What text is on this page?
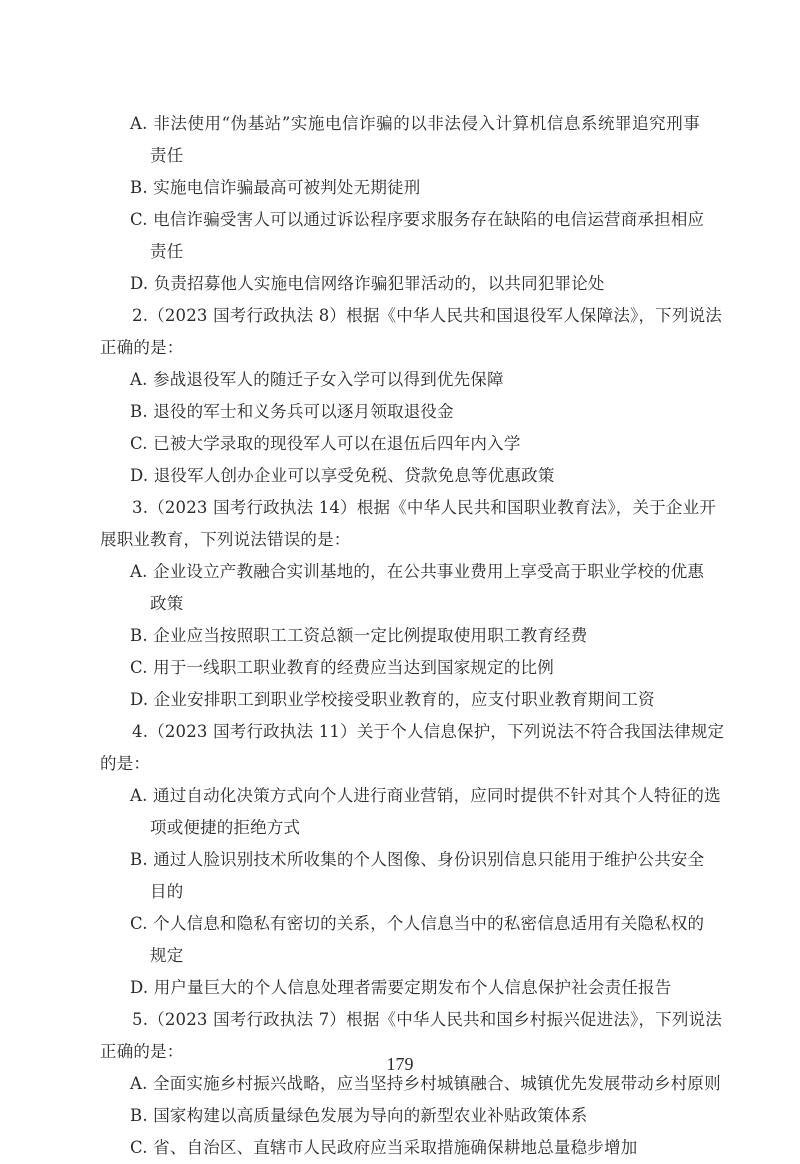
A. 非法使用“伪基站”实施电信诈骗的以非法侵入计算机信息系统罪追究刑事
责任
B. 实施电信诈骗最高可被判处无期徒刑
C. 电信诈骗受害人可以通过诉讼程序要求服务存在缺陷的电信运营商承担相应
责任
D. 负责招募他人实施电信网络诈骗犯罪活动的，以共同犯罪论处
2.（2023 国考行政执法 8）根据《中华人民共和国退役军人保障法》，下列说法
正确的是：
A. 参战退役军人的随迁子女入学可以得到优先保障
B. 退役的军士和义务兵可以逐月领取退役金
C. 已被大学录取的现役军人可以在退伍后四年内入学
D. 退役军人创办企业可以享受免税、贷款免息等优惠政策
3.（2023 国考行政执法 14）根据《中华人民共和国职业教育法》，关于企业开
展职业教育，下列说法错误的是：
A. 企业设立产教融合实训基地的，在公共事业费用上享受高于职业学校的优惠
政策
B. 企业应当按照职工工资总额一定比例提取使用职工教育经费
C. 用于一线职工职业教育的经费应当达到国家规定的比例
D. 企业安排职工到职业学校接受职业教育的，应支付职业教育期间工资
4.（2023 国考行政执法 11）关于个人信息保护，下列说法不符合我国法律规定
的是：
A. 通过自动化决策方式向个人进行商业营销，应同时提供不针对其个人特征的选
项或便捷的拒绝方式
B. 通过人脸识别技术所收集的个人图像、身份识别信息只能用于维护公共安全
目的
C. 个人信息和隐私有密切的关系，个人信息当中的私密信息适用有关隐私权的
规定
D. 用户量巨大的个人信息处理者需要定期发布个人信息保护社会责任报告
5.（2023 国考行政执法 7）根据《中华人民共和国乡村振兴促进法》，下列说法
正确的是：
A. 全面实施乡村振兴战略，应当坚持乡村城镇融合、城镇优先发展带动乡村原则
B. 国家构建以高质量绿色发展为导向的新型农业补贴政策体系
C. 省、自治区、直辖市人民政府应当采取措施确保耕地总量稳步增加
179
